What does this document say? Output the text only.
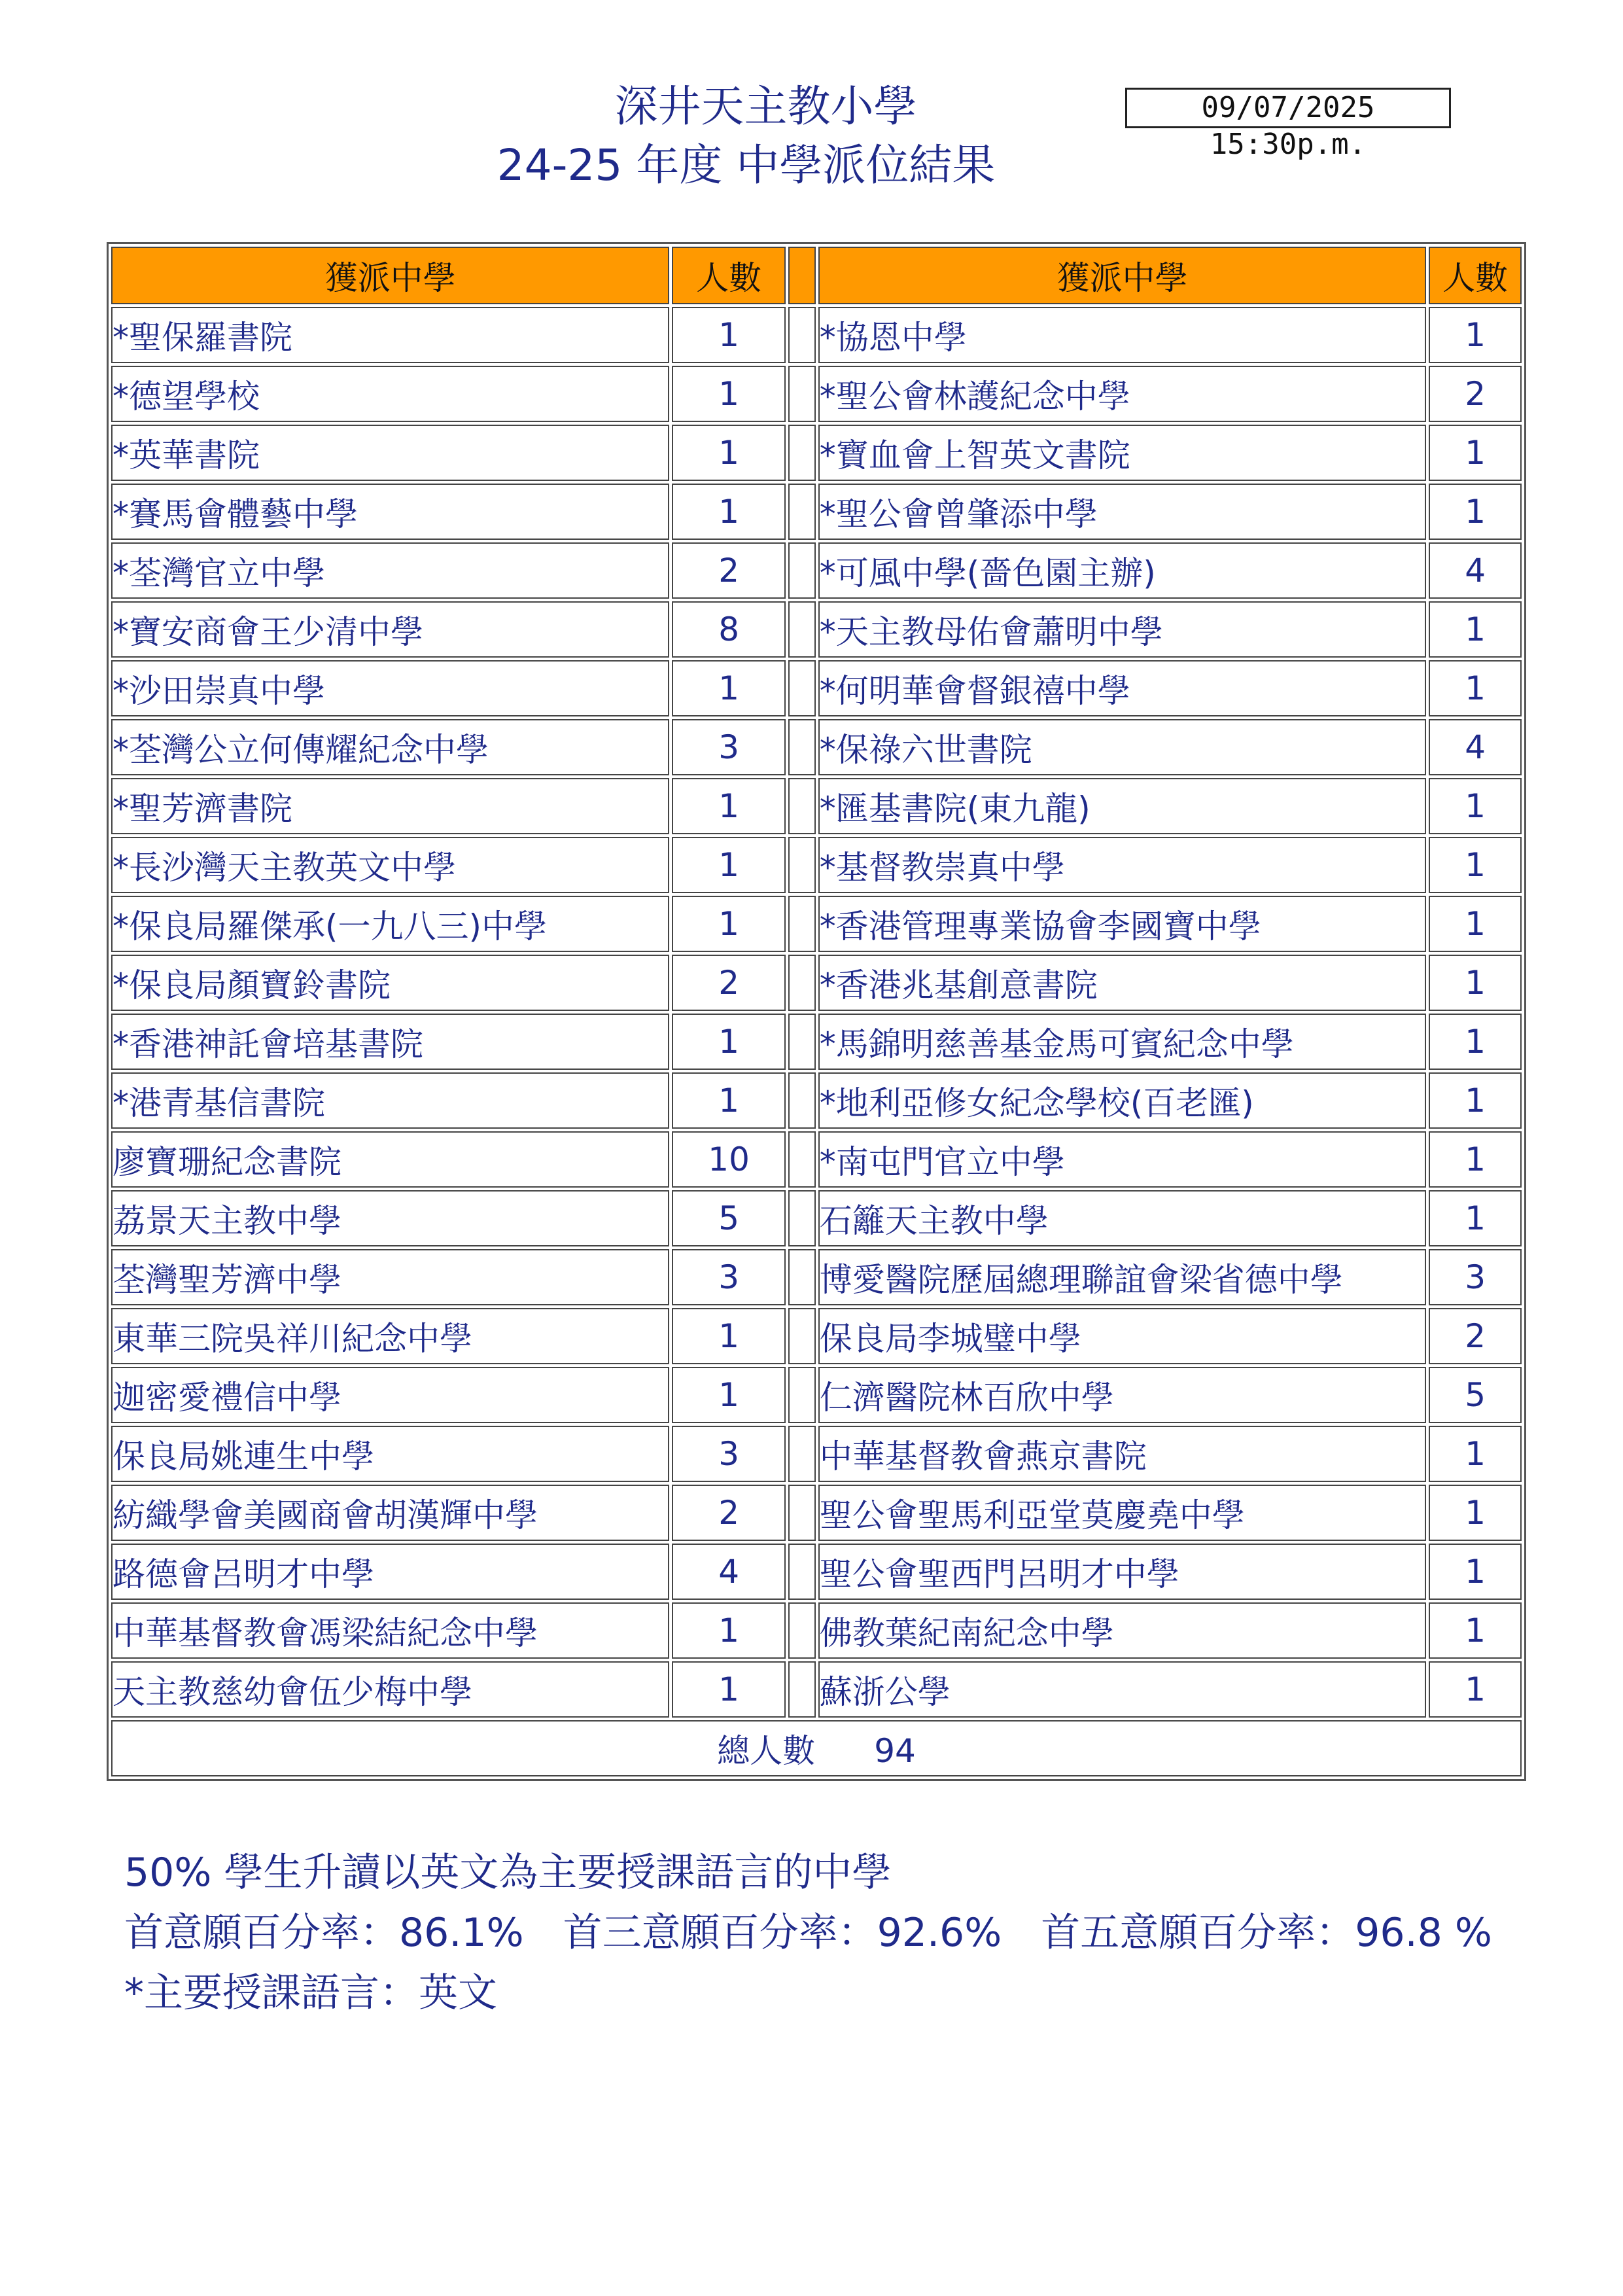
深井天主教小學
24-25 年度 中學派位結果
09/07/2025 15:30p.m.
獲派中學	人數		獲派中學	人數
*聖保羅書院	1		*協恩中學	1
*德望學校	1		*聖公會林護紀念中學	2
*英華書院	1		*寶血會上智英文書院	1
*賽馬會體藝中學	1		*聖公會曾肇添中學	1
*荃灣官立中學	2		*可風中學(嗇色園主辦)	4
*寶安商會王少清中學	8		*天主教母佑會蕭明中學	1
*沙田崇真中學	1		*何明華會督銀禧中學	1
*荃灣公立何傳耀紀念中學	3		*保祿六世書院	4
*聖芳濟書院	1		*匯基書院(東九龍)	1
*長沙灣天主教英文中學	1		*基督教崇真中學	1
*保良局羅傑承(一九八三)中學	1		*香港管理專業協會李國寶中學	1
*保良局顏寶鈴書院	2		*香港兆基創意書院	1
*香港神託會培基書院	1		*馬錦明慈善基金馬可賓紀念中學	1
*港青基信書院	1		*地利亞修女紀念學校(百老匯)	1
廖寶珊紀念書院	10		*南屯門官立中學	1
荔景天主教中學	5		石籬天主教中學	1
荃灣聖芳濟中學	3		博愛醫院歷屆總理聯誼會梁省德中學	3
東華三院吳祥川紀念中學	1		保良局李城璧中學	2
迦密愛禮信中學	1		仁濟醫院林百欣中學	5
保良局姚連生中學	3		中華基督教會燕京書院	1
紡織學會美國商會胡漢輝中學	2		聖公會聖馬利亞堂莫慶堯中學	1
路德會呂明才中學	4		聖公會聖西門呂明才中學	1
中華基督教會馮梁結紀念中學	1		佛教葉紀南紀念中學	1
天主教慈幼會伍少梅中學	1		蘇浙公學	1
總人數 94				
50% 學生升讀以英文為主要授課語言的中學
首意願百分率：86.1% 首三意願百分率：92.6% 首五意願百分率：96.8 %
*主要授課語言：英文
